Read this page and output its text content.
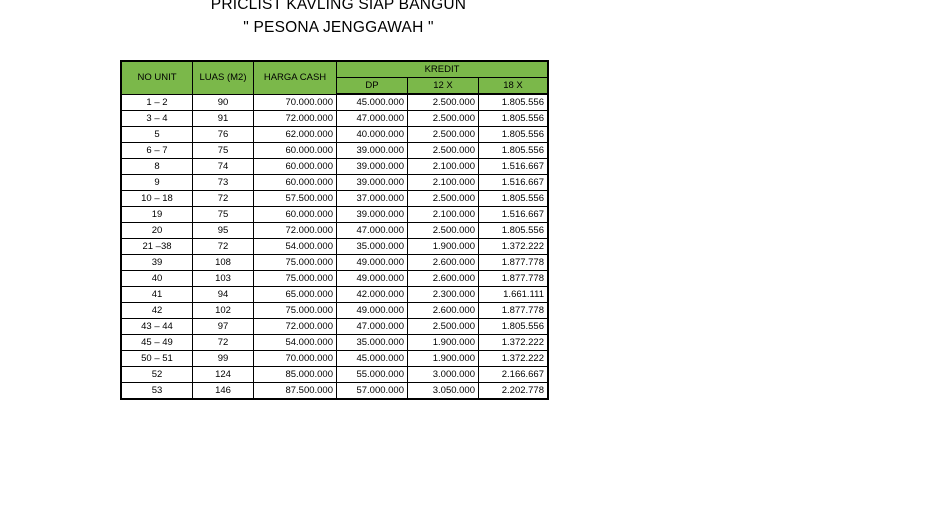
PRICLIST KAVLING SIAP BANGUN
" PESONA JENGGAWAH "
NO UNIT	LUAS (M2)	HARGA CASH	KREDIT		
			DP	12 X	18 X
1 – 2	90	70.000.000	45.000.000	2.500.000	1.805.556
3 – 4	91	72.000.000	47.000.000	2.500.000	1.805.556
5	76	62.000.000	40.000.000	2.500.000	1.805.556
6 – 7	75	60.000.000	39.000.000	2.500.000	1.805.556
8	74	60.000.000	39.000.000	2.100.000	1.516.667
9	73	60.000.000	39.000.000	2.100.000	1.516.667
10 – 18	72	57.500.000	37.000.000	2.500.000	1.805.556
19	75	60.000.000	39.000.000	2.100.000	1.516.667
20	95	72.000.000	47.000.000	2.500.000	1.805.556
21 –38	72	54.000.000	35.000.000	1.900.000	1.372.222
39	108	75.000.000	49.000.000	2.600.000	1.877.778
40	103	75.000.000	49.000.000	2.600.000	1.877.778
41	94	65.000.000	42.000.000	2.300.000	1.661.111
42	102	75.000.000	49.000.000	2.600.000	1.877.778
43 – 44	97	72.000.000	47.000.000	2.500.000	1.805.556
45 – 49	72	54.000.000	35.000.000	1.900.000	1.372.222
50 – 51	99	70.000.000	45.000.000	1.900.000	1.372.222
52	124	85.000.000	55.000.000	3.000.000	2.166.667
53	146	87.500.000	57.000.000	3.050.000	2.202.778
